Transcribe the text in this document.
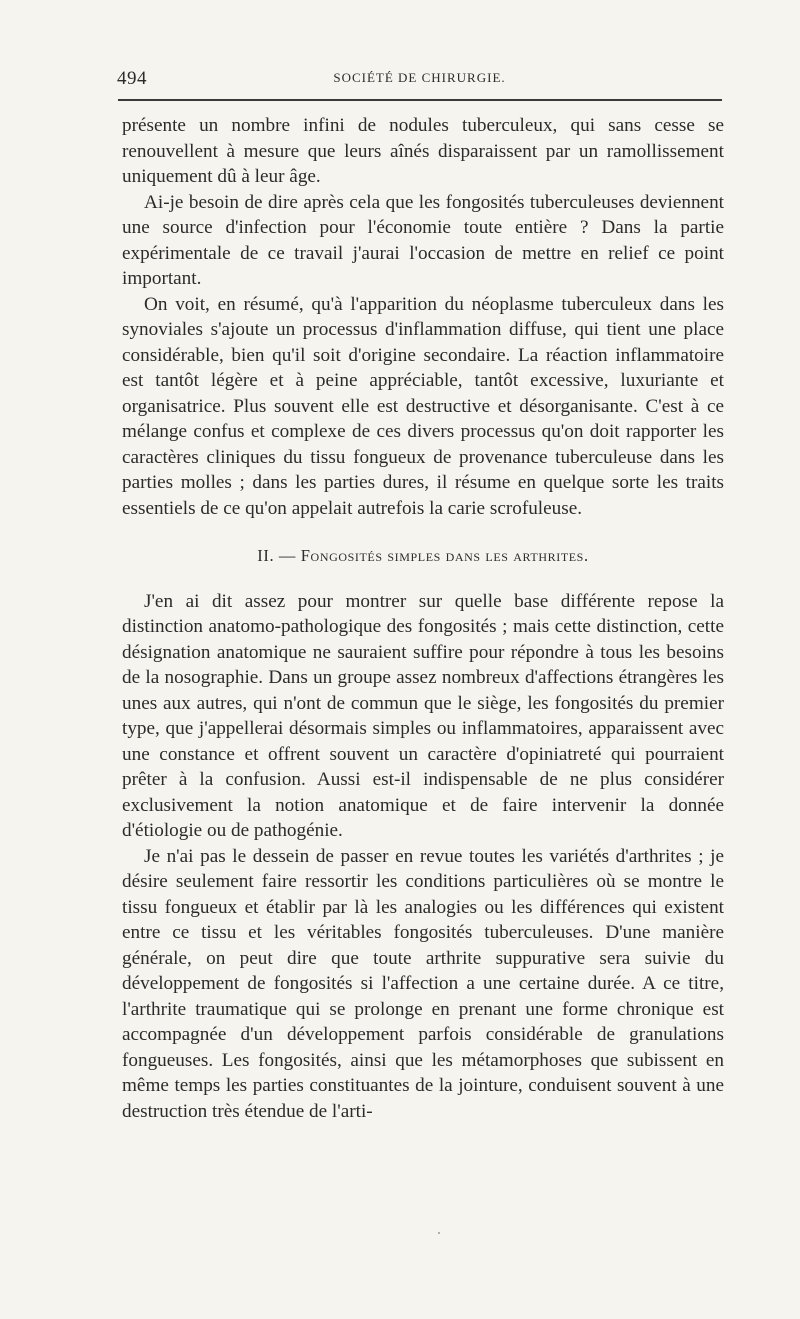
494	SOCIÉTÉ DE CHIRURGIE.

présente un nombre infini de nodules tuberculeux, qui sans cesse se renouvellent à mesure que leurs aînés disparaissent par un ramollissement uniquement dû à leur âge.

Ai-je besoin de dire après cela que les fongosités tuberculeuses deviennent une source d'infection pour l'économie toute entière ? Dans la partie expérimentale de ce travail j'aurai l'occasion de mettre en relief ce point important.

On voit, en résumé, qu'à l'apparition du néoplasme tuberculeux dans les synoviales s'ajoute un processus d'inflammation diffuse, qui tient une place considérable, bien qu'il soit d'origine secondaire. La réaction inflammatoire est tantôt légère et à peine appréciable, tantôt excessive, luxuriante et organisatrice. Plus souvent elle est destructive et désorganisante. C'est à ce mélange confus et complexe de ces divers processus qu'on doit rapporter les caractères cliniques du tissu fongueux de provenance tuberculeuse dans les parties molles ; dans les parties dures, il résume en quelque sorte les traits essentiels de ce qu'on appelait autrefois la carie scrofuleuse.

II. — Fongosités simples dans les arthrites.

J'en ai dit assez pour montrer sur quelle base différente repose la distinction anatomo-pathologique des fongosités ; mais cette distinction, cette désignation anatomique ne sauraient suffire pour répondre à tous les besoins de la nosographie. Dans un groupe assez nombreux d'affections étrangères les unes aux autres, qui n'ont de commun que le siège, les fongosités du premier type, que j'appellerai désormais simples ou inflammatoires, apparaissent avec une constance et offrent souvent un caractère d'opiniatreté qui pourraient prêter à la confusion. Aussi est-il indispensable de ne plus considérer exclusivement la notion anatomique et de faire intervenir la donnée d'étiologie ou de pathogénie.

Je n'ai pas le dessein de passer en revue toutes les variétés d'arthrites ; je désire seulement faire ressortir les conditions particulières où se montre le tissu fongueux et établir par là les analogies ou les différences qui existent entre ce tissu et les véritables fongosités tuberculeuses. D'une manière générale, on peut dire que toute arthrite suppurative sera suivie du développement de fongosités si l'affection a une certaine durée. A ce titre, l'arthrite traumatique qui se prolonge en prenant une forme chronique est accompagnée d'un développement parfois considérable de granulations fongueuses. Les fongosités, ainsi que les métamorphoses que subissent en même temps les parties constituantes de la jointure, conduisent souvent à une destruction très étendue de l'arti-
